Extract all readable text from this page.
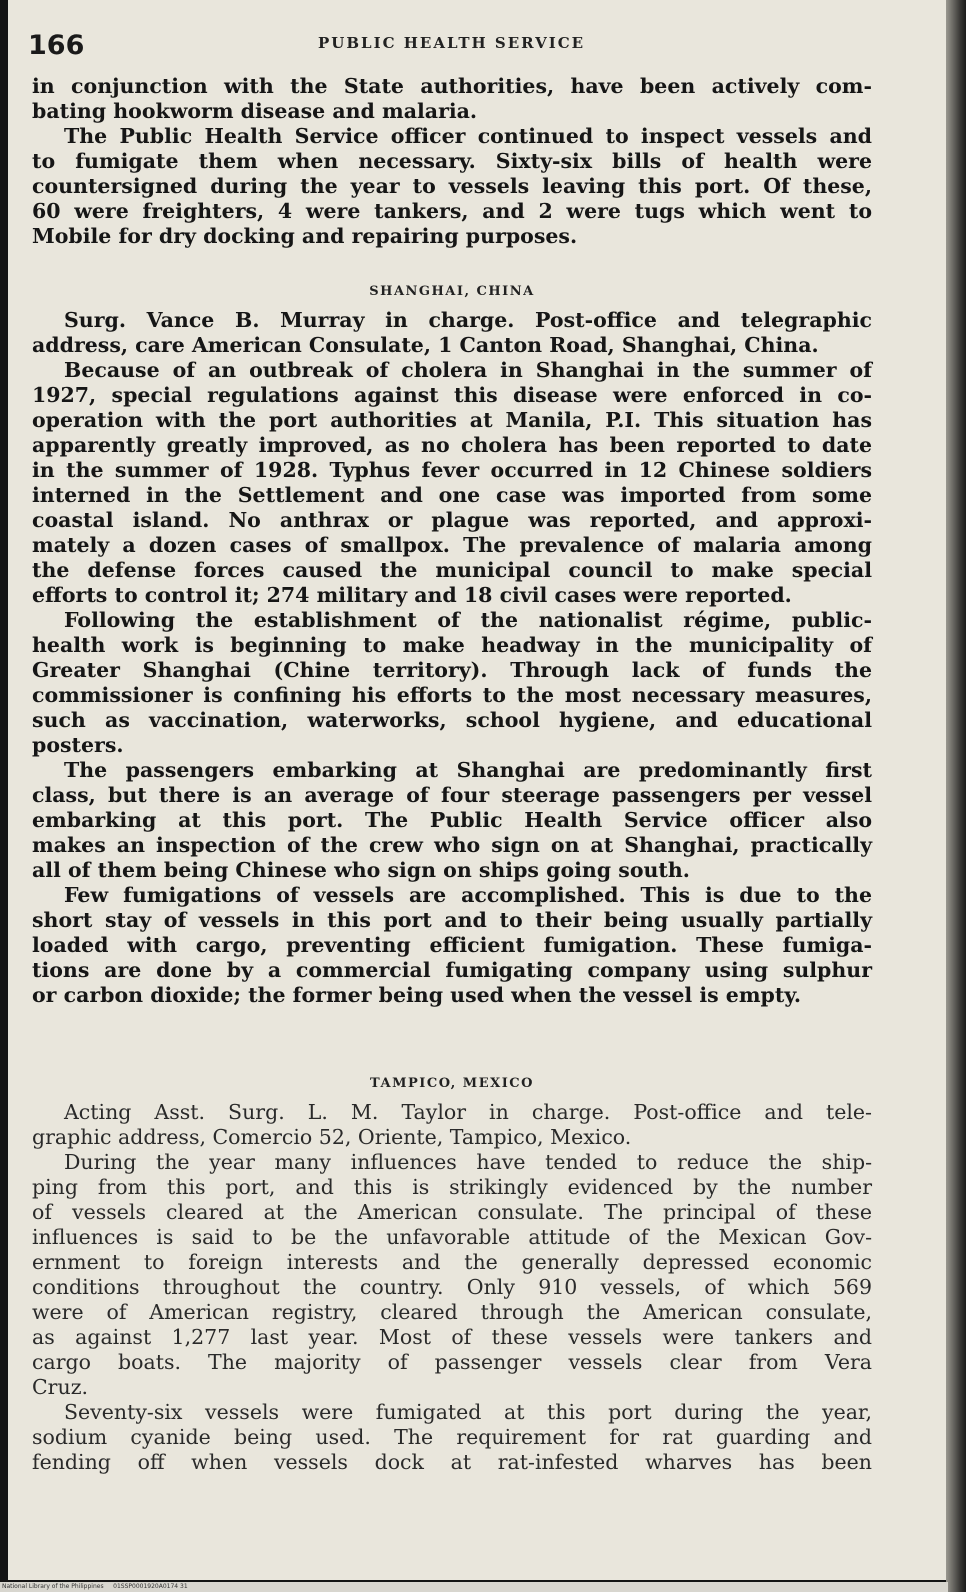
166	PUBLIC HEALTH SERVICE
in conjunction with the State authorities, have been actively com-
bating hookworm disease and malaria.
The Public Health Service officer continued to inspect vessels and
to fumigate them when necessary. Sixty-six bills of health were
countersigned during the year to vessels leaving this port. Of these,
60 were freighters, 4 were tankers, and 2 were tugs which went to
Mobile for dry docking and repairing purposes.
SHANGHAI, CHINA
Surg. Vance B. Murray in charge. Post-office and telegraphic
address, care American Consulate, 1 Canton Road, Shanghai, China.
Because of an outbreak of cholera in Shanghai in the summer of
1927, special regulations against this disease were enforced in co-
operation with the port authorities at Manila, P.I. This situation has
apparently greatly improved, as no cholera has been reported to date
in the summer of 1928. Typhus fever occurred in 12 Chinese soldiers
interned in the Settlement and one case was imported from some
coastal island. No anthrax or plague was reported, and approxi-
mately a dozen cases of smallpox. The prevalence of malaria among
the defense forces caused the municipal council to make special
efforts to control it; 274 military and 18 civil cases were reported.
Following the establishment of the nationalist régime, public-
health work is beginning to make headway in the municipality of
Greater Shanghai (Chine territory). Through lack of funds the
commissioner is confining his efforts to the most necessary measures,
such as vaccination, waterworks, school hygiene, and educational
posters.
The passengers embarking at Shanghai are predominantly first
class, but there is an average of four steerage passengers per vessel
embarking at this port. The Public Health Service officer also
makes an inspection of the crew who sign on at Shanghai, practically
all of them being Chinese who sign on ships going south.
Few fumigations of vessels are accomplished. This is due to the
short stay of vessels in this port and to their being usually partially
loaded with cargo, preventing efficient fumigation. These fumiga-
tions are done by a commercial fumigating company using sulphur
or carbon dioxide; the former being used when the vessel is empty.
TAMPICO, MEXICO
Acting Asst. Surg. L. M. Taylor in charge. Post-office and tele-
graphic address, Comercio 52, Oriente, Tampico, Mexico.
During the year many influences have tended to reduce the ship-
ping from this port, and this is strikingly evidenced by the number
of vessels cleared at the American consulate. The principal of these
influences is said to be the unfavorable attitude of the Mexican Gov-
ernment to foreign interests and the generally depressed economic
conditions throughout the country. Only 910 vessels, of which 569
were of American registry, cleared through the American consulate,
as against 1,277 last year. Most of these vessels were tankers and
cargo boats. The majority of passenger vessels clear from Vera
Cruz.
Seventy-six vessels were fumigated at this port during the year,
sodium cyanide being used. The requirement for rat guarding and
fending off when vessels dock at rat-infested wharves has been
National Library of the Philippines 01SSP0001920A0174 31
